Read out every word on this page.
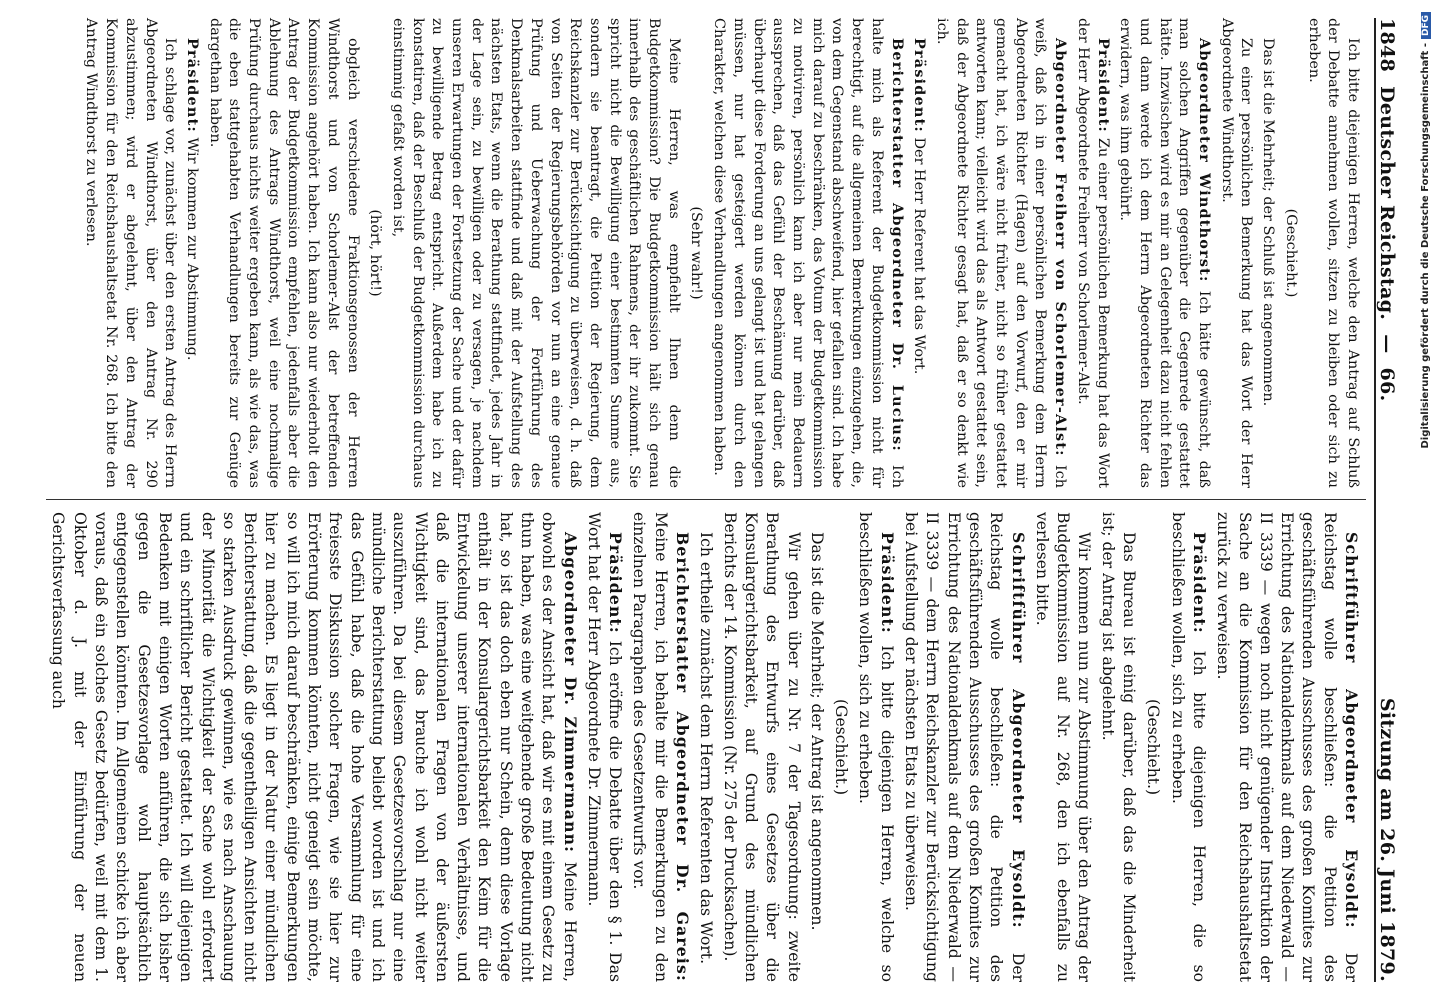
1848
Deutscher Reichstag.
—
66.
Sitzung am 26. Juni 1879.

Ich bitte diejenigen Herren, welche den Antrag auf Schluß der Debatte annehmen wollen, sitzen zu bleiben oder sich zu erheben.

(Geschieht.)

Das ist die Mehrheit; der Schluß ist angenommen.

Zu einer persönlichen Bemerkung hat das Wort der Herr Abgeordnete Windthorst.

Abgeordneter Windthorst: Ich hätte gewünscht, daß man solchen Angriffen gegenüber die Gegenrede gestattet hätte. Inzwischen wird es mir an Gelegenheit dazu nicht fehlen und dann werde ich dem Herrn Abgeordneten Richter das erwidern, was ihm gebührt.

Präsident: Zu einer persönlichen Bemerkung hat das Wort der Herr Abgeordnete Freiherr von Schorlemer-Alst.

Abgeordneter Freiherr von Schorlemer-Alst: Ich weiß, daß ich in einer persönlichen Bemerkung dem Herrn Abgeordneten Richter (Hagen) auf den Vorwurf, den er mir gemacht hat, ich wäre nicht früher, nicht so früher gestattet antworten kann; vielleicht wird das als Antwort gestattet sein, daß der Abgeordnete Richter gesagt hat, daß er so denkt wie ich.

Präsident: Der Herr Referent hat das Wort.

Berichterstatter Abgeordneter Dr. Lucius: Ich halte mich als Referent der Budgetkommission nicht für berechtigt, auf die allgemeinen Bemerkungen einzugehen, die, von dem Gegenstand abschweifend, hier gefallen sind. Ich habe mich darauf zu beschränken, das Votum der Budgetkommission zu motiviren, persönlich kann ich aber nur mein Bedauern aussprechen, daß das Gefühl der Beschämung darüber, daß überhaupt diese Forderung an uns gelangt ist und hat gelangen müssen, nur hat gesteigert werden können durch den Charakter, welchen diese Verhandlungen angenommen haben.

(Sehr wahr!)

Meine Herren, was empfiehlt Ihnen denn die Budgetkommission? Die Budgetkommission hält sich genau innerhalb des geschäftlichen Rahmens, der ihr zukommt. Sie spricht nicht die Bewilligung einer bestimmten Summe aus, sondern sie beantragt, die Petition der Regierung, dem Reichskanzler zur Berücksichtigung zu überweisen, d. h. daß von Seiten der Regierungsbehörden vor nun an eine genaue Prüfung und Ueberwachung der Fortführung des Denkmalsarbeiten stattfinde und daß mit der Aufstellung des nächsten Etats, wenn die Berathung stattfindet, jedes Jahr in der Lage sein, zu bewilligen oder zu versagen, je nachdem unseren Erwartungen der Fortsetzung der Sache und der dafür zu bewilligende Betrag entspricht. Außerdem habe ich zu konstatiren, daß der Beschluß der Budgetkommission durchaus einstimmig gefaßt worden ist,

(hört, hört!)

obgleich verschiedene Fraktionsgenossen der Herren Windthorst und von Schorlemer-Alst der betreffenden Kommission angehört haben. Ich kann also nur wiederholt den Antrag der Budgetkommission empfehlen, jedenfalls aber die Ablehnung des Antrags Windthorst, weil eine nochmalige Prüfung durchaus nichts weiter ergeben kann, als wie das, was die eben stattgehabten Verhandlungen bereits zur Genüge dargethan haben.

Präsident: Wir kommen zur Abstimmung.

Ich schlage vor, zunächst über den ersten Antrag des Herrn Abgeordneten Windthorst, über den Antrag Nr. 290 abzustimmen; wird er abgelehnt, über den Antrag der Kommission für den Reichshaushaltsetat Nr. 268. Ich bitte den Antrag Windthorst zu verlesen.

Schriftführer Abgeordneter Eysoldt: Der Reichstag wolle beschließen: die Petition des geschäftsführenden Ausschusses des großen Komites zur Errichtung des Nationaldenkmals auf dem Niederwald — II 3339 — wegen noch nicht genügender Instruktion der Sache an die Kommission für den Reichshaushaltsetat zurück zu verweisen.

Präsident: Ich bitte diejenigen Herren, die so beschließen wollen, sich zu erheben.

(Geschieht.)

Das Bureau ist einig darüber, daß das die Minderheit ist; der Antrag ist abgelehnt.

Wir kommen nun zur Abstimmung über den Antrag der Budgetkommission auf Nr. 268, den ich ebenfalls zu verlesen bitte.

Schriftführer Abgeordneter Eysoldt: Der Reichstag wolle beschließen: die Petition des geschäftsführenden Ausschusses des großen Komites zur Errichtung des Nationaldenkmals auf dem Niederwald — II 3339 — dem Herrn Reichskanzler zur Berücksichtigung bei Aufstellung der nächsten Etats zu überweisen.

Präsident: Ich bitte diejenigen Herren, welche so beschließen wollen, sich zu erheben.

(Geschieht.)

Das ist die Mehrheit; der Antrag ist angenommen.

Wir gehen über zu Nr. 7 der Tagesordnung: zweite Berathung des Entwurfs eines Gesetzes über die Konsulargerichtsbarkeit, auf Grund des mündlichen Berichts der 14. Kommission (Nr. 275 der Drucksachen).

Ich ertheile zunächst dem Herrn Referenten das Wort.

Berichterstatter Abgeordneter Dr. Gareis: Meine Herren, ich behalte mir die Bemerkungen zu den einzelnen Paragraphen des Gesetzentwurfs vor.

Präsident: Ich eröffne die Debatte über den § 1. Das Wort hat der Herr Abgeordnete Dr. Zimmermann.

Abgeordneter Dr. Zimmermann: Meine Herren, obwohl es der Ansicht hat, daß wir es mit einem Gesetz zu thun haben, was eine weitgehende große Bedeutung nicht hat, so ist das doch eben nur Schein, denn diese Vorlage enthält in der Konsulargerichtsbarkeit den Keim für die Entwickelung unserer internationalen Verhältnisse, und daß die internationalen Fragen von der äußersten Wichtigkeit sind, das brauche ich wohl nicht weiter auszuführen. Da bei diesem Gesetzesvorschlag nur eine mündliche Berichterstattung beliebt worden ist und ich das Gefühl habe, daß die hohe Versammlung für eine freiesste Diskussion solcher Fragen, wie sie hier zur Erörterung kommen könnten, nicht geneigt sein möchte, so will ich mich darauf beschränken, einige Bemerkungen hier zu machen. Es liegt in der Natur einer mündlichen Berichterstattung, daß die gegentheiligen Ansichten nicht so starken Ausdruck gewinnen, wie es nach Anschauung der Minorität die Wichtigkeit der Sache wohl erfordert und ein schriftlicher Bericht gestattet. Ich will diejenigen Bedenken mit einigen Worten anführen, die sich bisher gegen die Gesetzesvorlage wohl hauptsächlich entgegenstellen könnten. Im Allgemeinen schicke ich aber voraus, daß ein solches Gesetz bedürfen, weil mit dem 1. Oktober d. J. mit der Einführung der neuen Gerichtsverfassung auch

Digitalisierung gefördert durch die Deutsche Forschungsgemeinschaft -DFG
